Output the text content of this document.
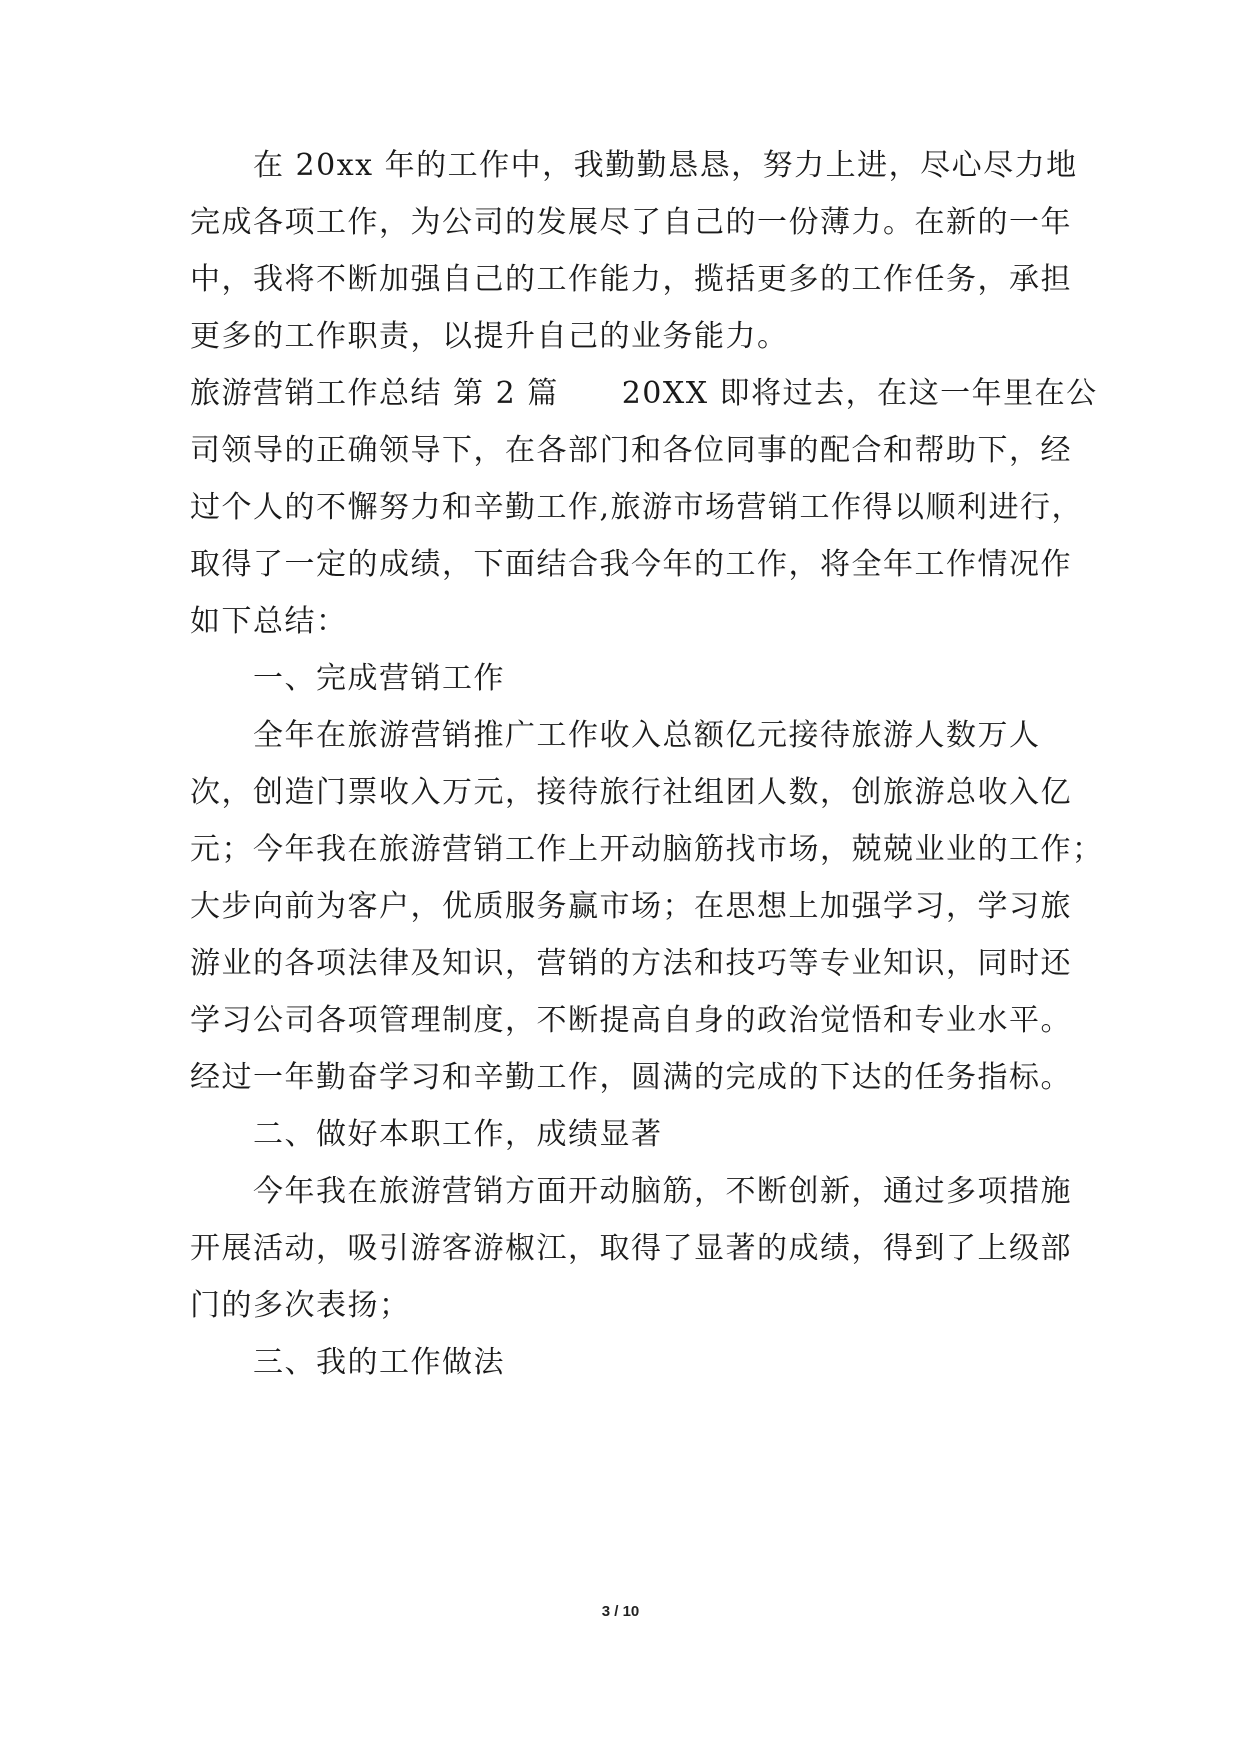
　　在 20xx 年的工作中，我勤勤恳恳，努力上进，尽心尽力地
完成各项工作，为公司的发展尽了自己的一份薄力。在新的一年
中，我将不断加强自己的工作能力，揽括更多的工作任务，承担
更多的工作职责，以提升自己的业务能力。
旅游营销工作总结 第 2 篇　　20XX 即将过去，在这一年里在公
司领导的正确领导下，在各部门和各位同事的配合和帮助下，经
过个人的不懈努力和辛勤工作,旅游市场营销工作得以顺利进行，
取得了一定的成绩，下面结合我今年的工作，将全年工作情况作
如下总结：
　　一、完成营销工作
　　全年在旅游营销推广工作收入总额亿元接待旅游人数万人
次，创造门票收入万元，接待旅行社组团人数，创旅游总收入亿
元；今年我在旅游营销工作上开动脑筋找市场，兢兢业业的工作；
大步向前为客户，优质服务赢市场；在思想上加强学习，学习旅
游业的各项法律及知识，营销的方法和技巧等专业知识，同时还
学习公司各项管理制度，不断提高自身的政治觉悟和专业水平。
经过一年勤奋学习和辛勤工作，圆满的完成的下达的任务指标。
　　二、做好本职工作，成绩显著
　　今年我在旅游营销方面开动脑筋，不断创新，通过多项措施
开展活动，吸引游客游椒江，取得了显著的成绩，得到了上级部
门的多次表扬；
　　三、我的工作做法
3 / 10
